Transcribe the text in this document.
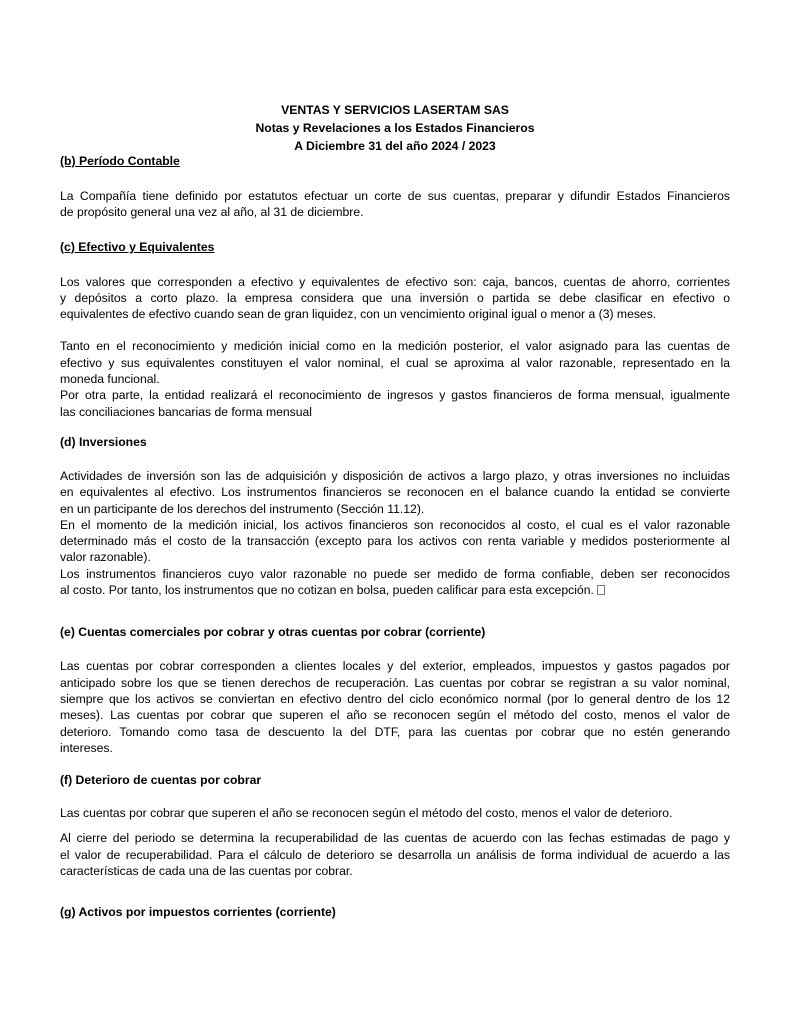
VENTAS Y SERVICIOS LASERTAM SAS
Notas y Revelaciones a los Estados Financieros
A Diciembre 31 del año 2024 / 2023
(b) Período Contable
La Compañía tiene definido por estatutos efectuar un corte de sus cuentas, preparar y difundir Estados Financieros
de propósito general una vez al año, al 31 de diciembre.
(c) Efectivo y Equivalentes
Los valores que corresponden a efectivo y equivalentes de efectivo son: caja, bancos, cuentas de ahorro, corrientes
y depósitos a corto plazo. la empresa considera que una inversión o partida se debe clasificar en efectivo o
equivalentes de efectivo cuando sean de gran liquidez, con un vencimiento original igual o menor a (3) meses.
Tanto en el reconocimiento y medición inicial como en la medición posterior, el valor asignado para las cuentas de
efectivo y sus equivalentes constituyen el valor nominal, el cual se aproxima al valor razonable, representado en la
moneda funcional.
Por otra parte, la entidad realizará el reconocimiento de ingresos y gastos financieros de forma mensual, igualmente
las conciliaciones bancarias de forma mensual
(d) Inversiones
Actividades de inversión son las de adquisición y disposición de activos a largo plazo, y otras inversiones no incluidas
en equivalentes al efectivo. Los instrumentos financieros se reconocen en el balance cuando la entidad se convierte
en un participante de los derechos del instrumento (Sección 11.12).
En el momento de la medición inicial, los activos financieros son reconocidos al costo, el cual es el valor razonable
determinado más el costo de la transacción (excepto para los activos con renta variable y medidos posteriormente al
valor razonable).
Los instrumentos financieros cuyo valor razonable no puede ser medido de forma confiable, deben ser reconocidos
al costo. Por tanto, los instrumentos que no cotizan en bolsa, pueden calificar para esta excepción.
(e) Cuentas comerciales por cobrar y otras cuentas por cobrar (corriente)
Las cuentas por cobrar corresponden a clientes locales y del exterior, empleados, impuestos y gastos pagados por
anticipado sobre los que se tienen derechos de recuperación. Las cuentas por cobrar se registran a su valor nominal,
siempre que los activos se conviertan en efectivo dentro del ciclo económico normal (por lo general dentro de los 12
meses). Las cuentas por cobrar que superen el año se reconocen según el método del costo, menos el valor de
deterioro. Tomando como tasa de descuento la del DTF, para las cuentas por cobrar que no estén generando
intereses.
(f) Deterioro de cuentas por cobrar
Las cuentas por cobrar que superen el año se reconocen según el método del costo, menos el valor de deterioro.
Al cierre del periodo se determina la recuperabilidad de las cuentas de acuerdo con las fechas estimadas de pago y
el valor de recuperabilidad. Para el cálculo de deterioro se desarrolla un análisis de forma individual de acuerdo a las
características de cada una de las cuentas por cobrar.
(g) Activos por impuestos corrientes (corriente)
